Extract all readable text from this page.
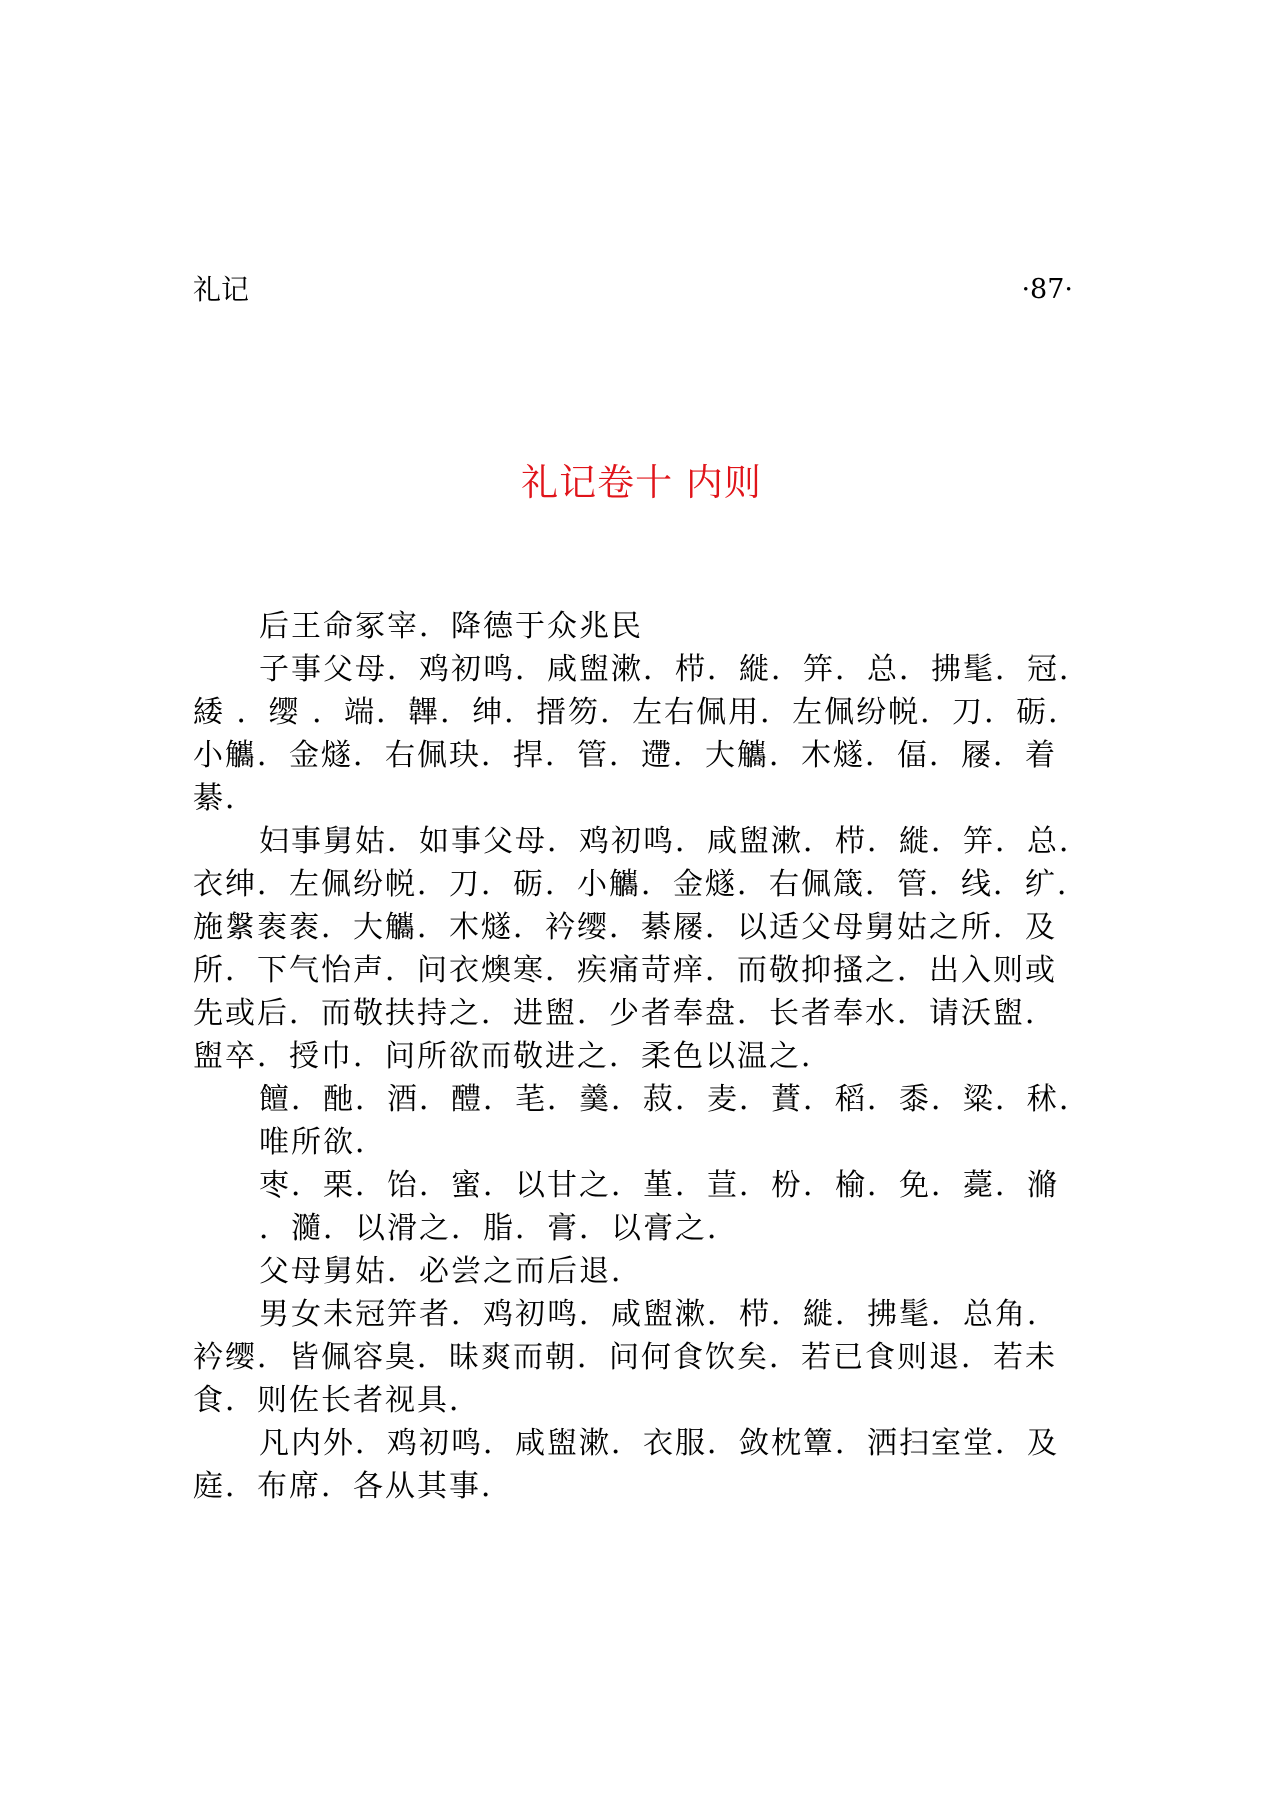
礼记	·87·
礼记卷十 内则
后王命冢宰．降德于众兆民
子事父母．鸡初鸣．咸盥漱．栉．縰．笄．总．拂髦．冠．
緌 ．缨 ．端．韠．绅．搢笏．左右佩用．左佩纷帨．刀．砺．
小觿．金燧．右佩玦．捍．管．遰．大觿．木燧．偪．屦．着
綦．
妇事舅姑．如事父母．鸡初鸣．咸盥漱．栉．縰．笄．总．
衣绅．左佩纷帨．刀．砺．小觿．金燧．右佩箴．管．线．纩．
施縏袠袠．大觿．木燧．衿缨．綦屦．以适父母舅姑之所．及
所．下气怡声．问衣燠寒．疾痛苛痒．而敬抑搔之．出入则或
先或后．而敬扶持之．进盥．少者奉盘．长者奉水．请沃盥．
盥卒．授巾．问所欲而敬进之．柔色以温之．
饘．酏．酒．醴．芼．羹．菽．麦．蕡．稻．黍．粱．秫．
唯所欲．
枣．栗．饴．蜜．以甘之．堇．荁．枌．榆．免．薧．滫
．瀡．以滑之．脂．膏．以膏之．
父母舅姑．必尝之而后退．
男女未冠笄者．鸡初鸣．咸盥漱．栉．縰．拂髦．总角．
衿缨．皆佩容臭．昧爽而朝．问何食饮矣．若已食则退．若未
食．则佐长者视具．
凡内外．鸡初鸣．咸盥漱．衣服．敛枕簟．洒扫室堂．及
庭．布席．各从其事．
